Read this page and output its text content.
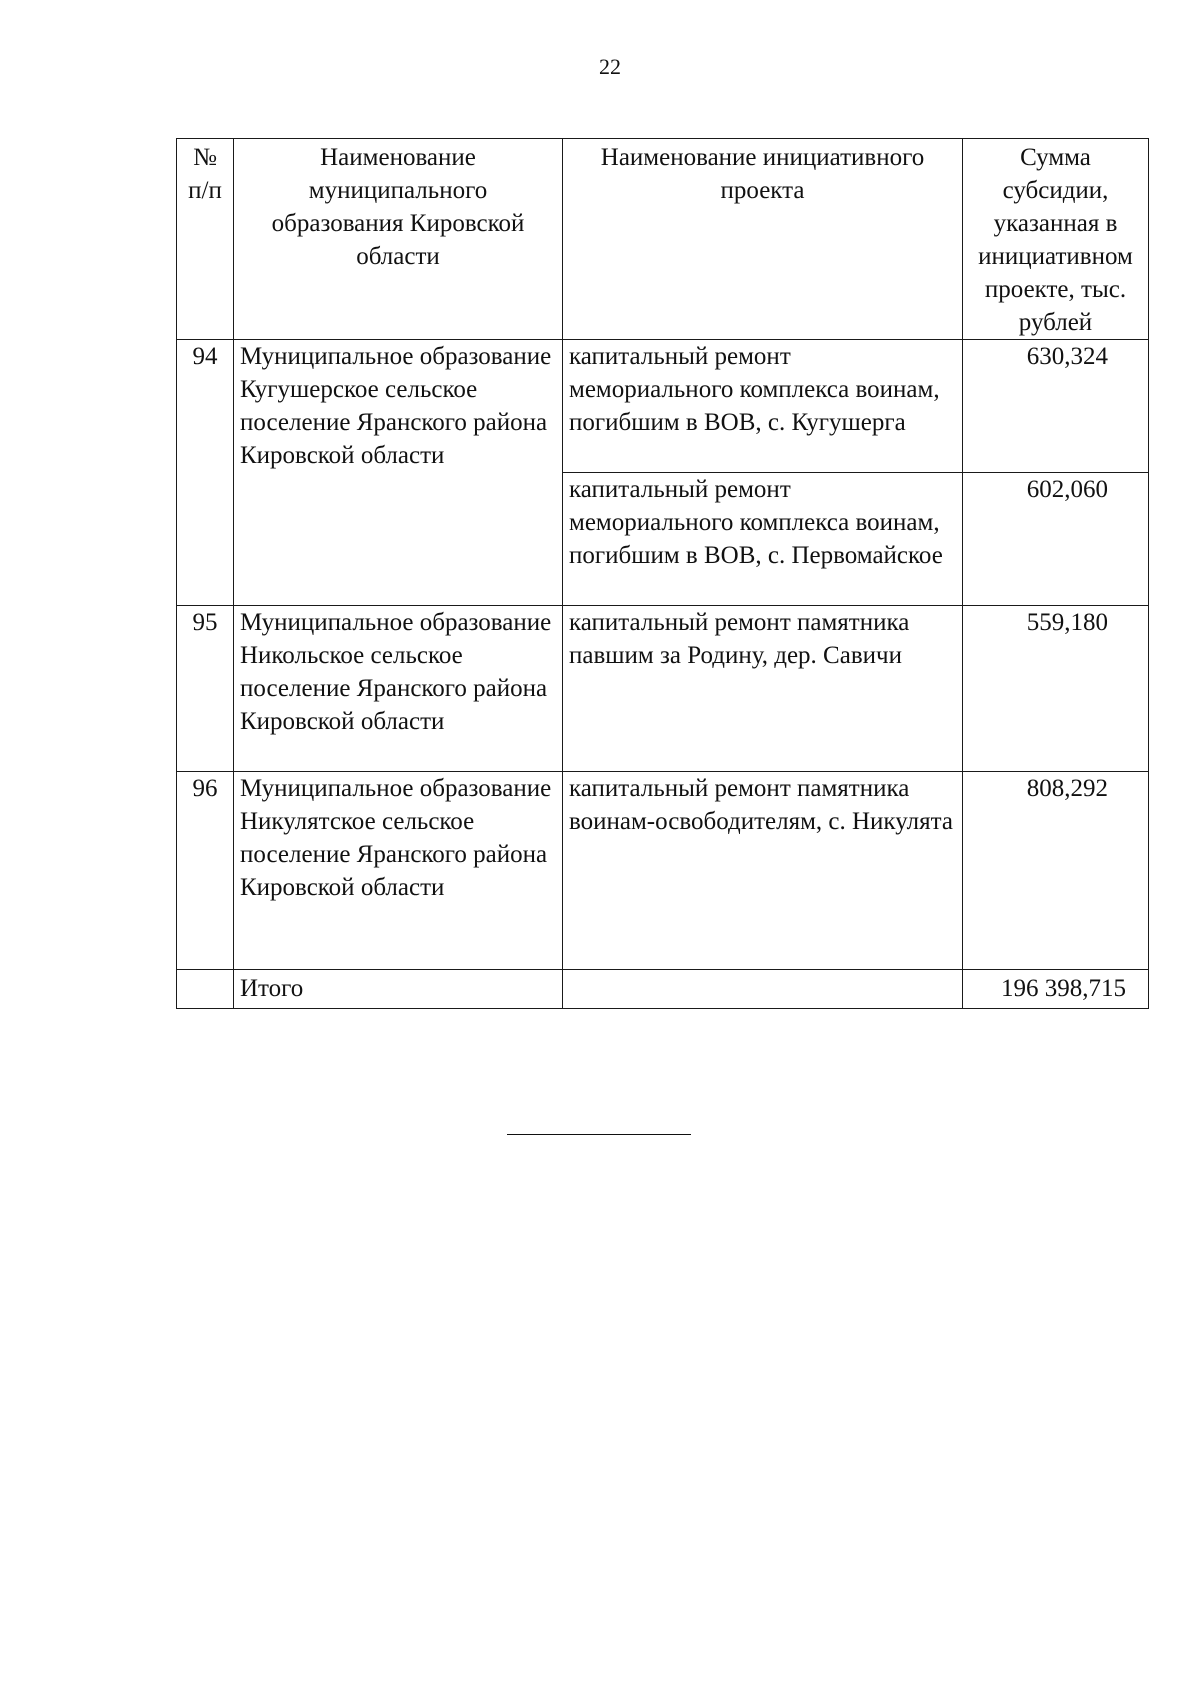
22
№ п/п	Наименование муниципального образования Кировской области	Наименование инициативного проекта	Сумма субсидии, указанная в инициативном проекте, тыс. рублей
94	Муниципальное образование Кугушерское сельское поселение Яранского района Кировской области	капитальный ремонт мемориального комплекса воинам, погибшим в ВОВ, с. Кугушерга	630,324
		капитальный ремонт мемориального комплекса воинам, погибшим в ВОВ, с. Первомайское	602,060
95	Муниципальное образование Никольское сельское поселение Яранского района Кировской области	капитальный ремонт памятника павшим за Родину, дер. Савичи	559,180
96	Муниципальное образование Никулятское сельское поселение Яранского района Кировской области	капитальный ремонт памятника воинам-освободителям, с. Никулята	808,292
	Итого		196 398,715
